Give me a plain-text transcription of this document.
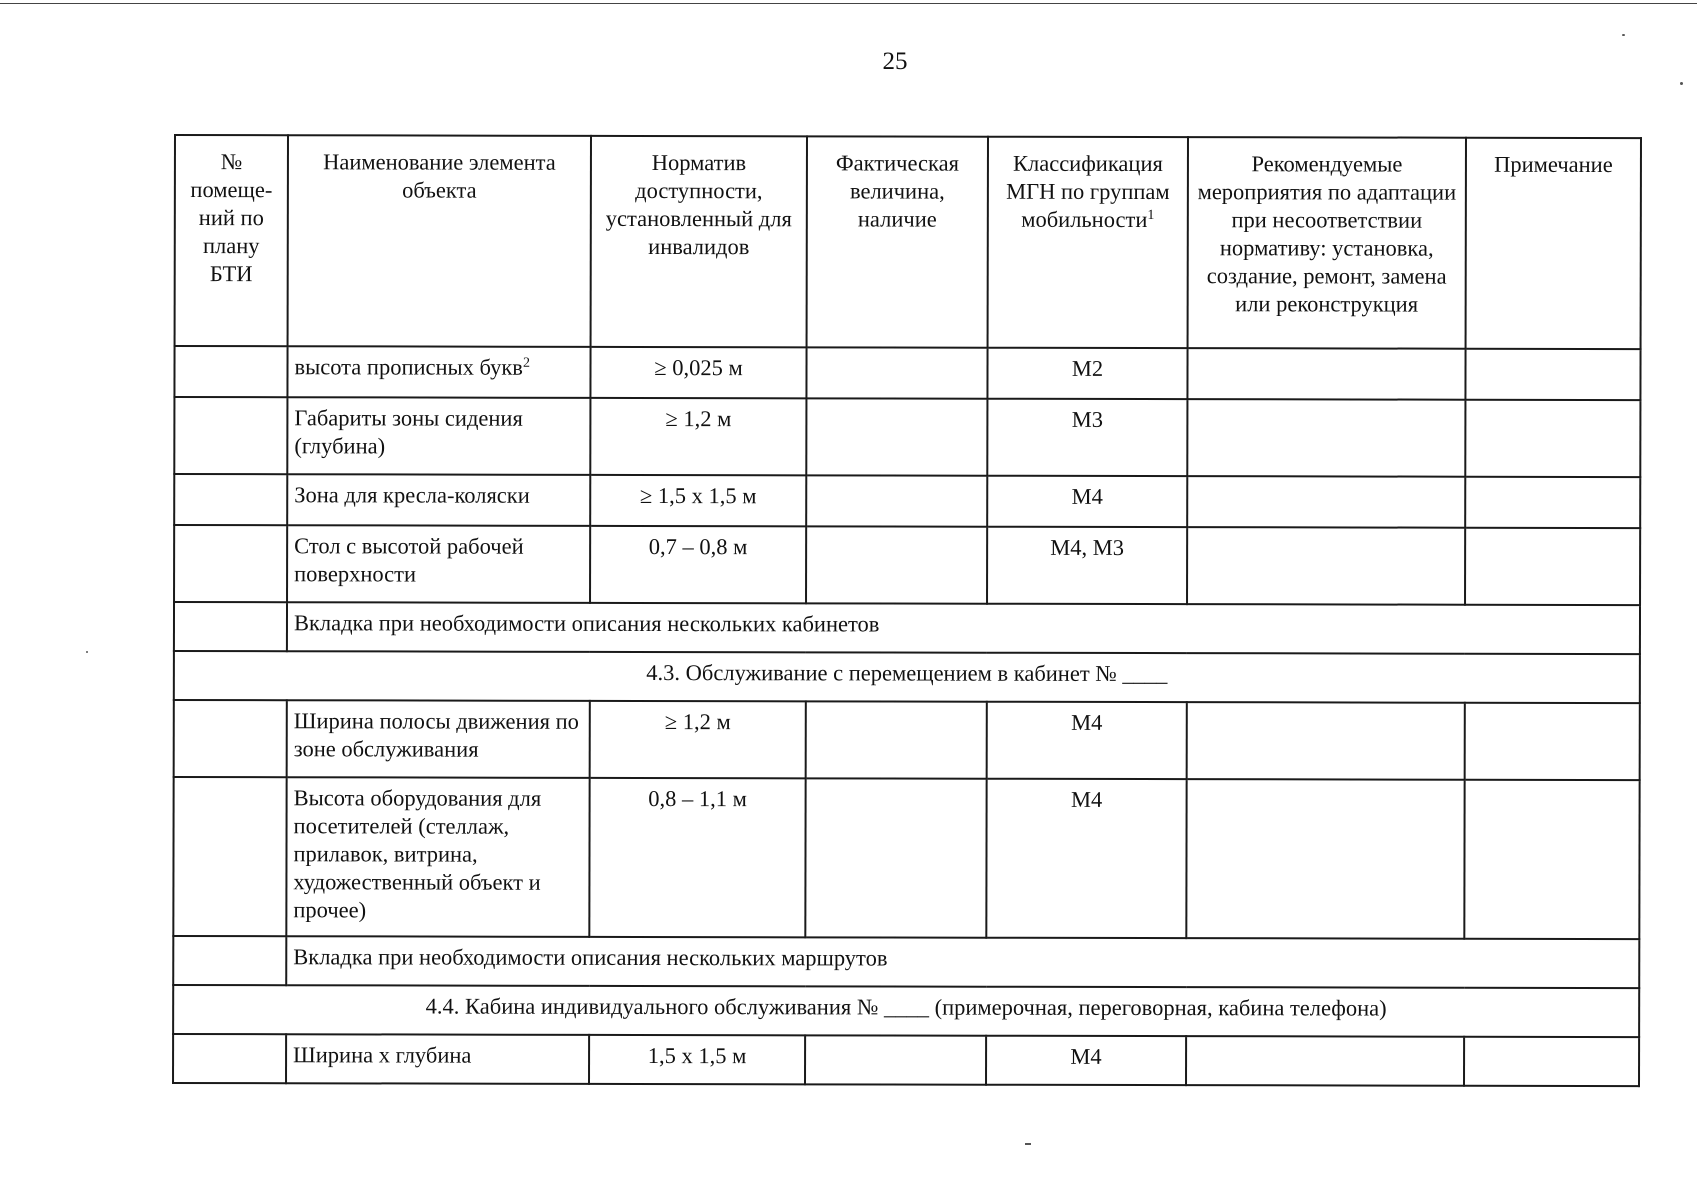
25
№ помеще-ний по плану БТИ	Наименование элемента объекта	Норматив доступности, установленный для инвалидов	Фактическая величина, наличие	Классификация МГН по группам мобильности$^1$	Рекомендуемые мероприятия по адаптации при несоответствии нормативу: установка, создание, ремонт, замена или реконструкция	Примечание
	высота прописных букв$^2$	≥ 0,025 м		М2		
	Габариты зоны сидения (глубина)	≥ 1,2 м		М3		
	Зона для кресла-коляски	≥ 1,5 х 1,5 м		М4		
	Стол с высотой рабочей поверхности	0,7 – 0,8 м		М4, М3		
	Вкладка при необходимости описания нескольких кабинетов					
4.3. Обслуживание с перемещением в кабинет № ____						
	Ширина полосы движения по зоне обслуживания	≥ 1,2 м		М4		
	Высота оборудования для посетителей (стеллаж, прилавок, витрина, художественный объект и прочее)	0,8 – 1,1 м		М4		
	Вкладка при необходимости описания нескольких маршрутов					
4.4. Кабина индивидуального обслуживания № ____ (примерочная, переговорная, кабина телефона)						
	Ширина х глубина	1,5 х 1,5 м		М4		
